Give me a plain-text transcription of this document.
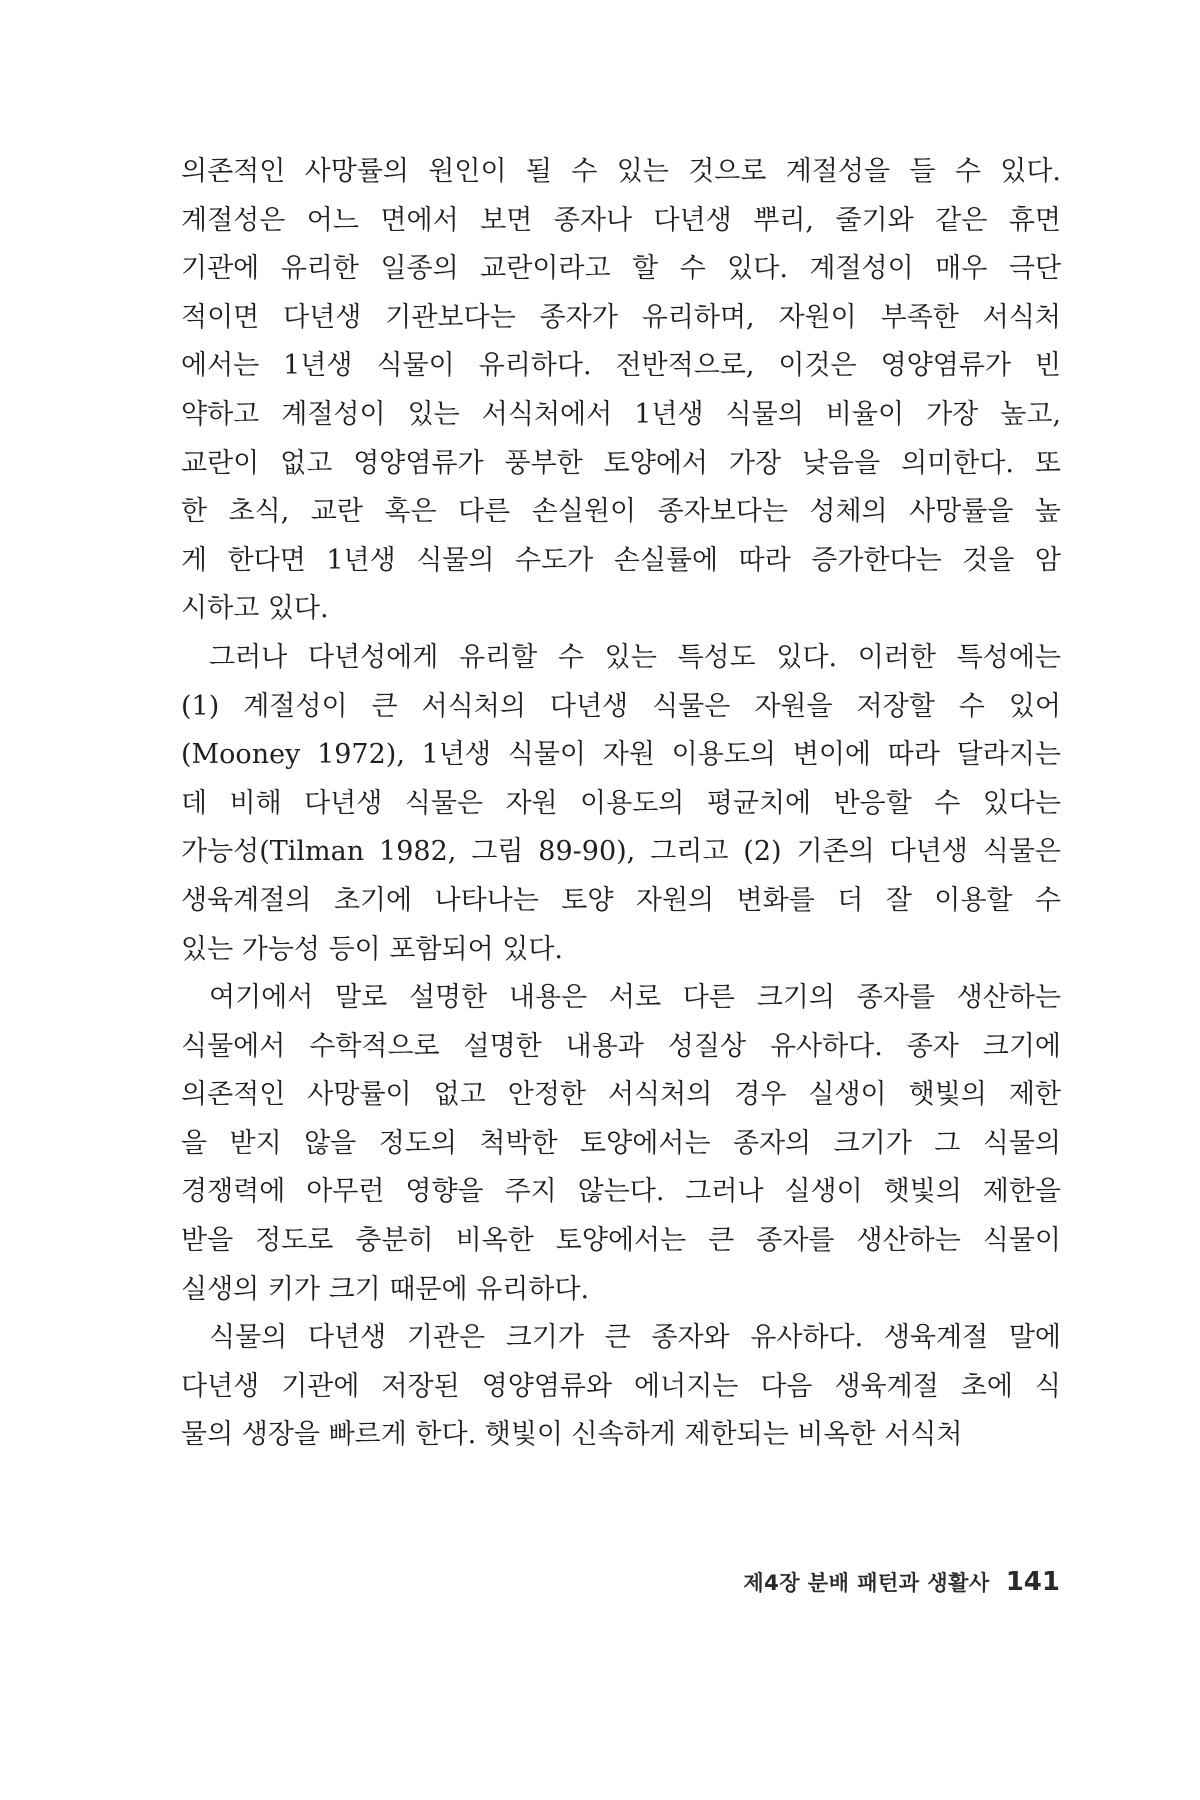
의존적인 사망률의 원인이 될 수 있는 것으로 계절성을 들 수 있다.
계절성은 어느 면에서 보면 종자나 다년생 뿌리, 줄기와 같은 휴면
기관에 유리한 일종의 교란이라고 할 수 있다. 계절성이 매우 극단
적이면 다년생 기관보다는 종자가 유리하며, 자원이 부족한 서식처
에서는 1년생 식물이 유리하다. 전반적으로, 이것은 영양염류가 빈
약하고 계절성이 있는 서식처에서 1년생 식물의 비율이 가장 높고,
교란이 없고 영양염류가 풍부한 토양에서 가장 낮음을 의미한다. 또
한 초식, 교란 혹은 다른 손실원이 종자보다는 성체의 사망률을 높
게 한다면 1년생 식물의 수도가 손실률에 따라 증가한다는 것을 암
시하고 있다.
그러나 다년성에게 유리할 수 있는 특성도 있다. 이러한 특성에는
(1) 계절성이 큰 서식처의 다년생 식물은 자원을 저장할 수 있어
(Mooney 1972), 1년생 식물이 자원 이용도의 변이에 따라 달라지는
데 비해 다년생 식물은 자원 이용도의 평균치에 반응할 수 있다는
가능성(Tilman 1982, 그림 89-90), 그리고 (2) 기존의 다년생 식물은
생육계절의 초기에 나타나는 토양 자원의 변화를 더 잘 이용할 수
있는 가능성 등이 포함되어 있다.
여기에서 말로 설명한 내용은 서로 다른 크기의 종자를 생산하는
식물에서 수학적으로 설명한 내용과 성질상 유사하다. 종자 크기에
의존적인 사망률이 없고 안정한 서식처의 경우 실생이 햇빛의 제한
을 받지 않을 정도의 척박한 토양에서는 종자의 크기가 그 식물의
경쟁력에 아무런 영향을 주지 않는다. 그러나 실생이 햇빛의 제한을
받을 정도로 충분히 비옥한 토양에서는 큰 종자를 생산하는 식물이
실생의 키가 크기 때문에 유리하다.
식물의 다년생 기관은 크기가 큰 종자와 유사하다. 생육계절 말에
다년생 기관에 저장된 영양염류와 에너지는 다음 생육계절 초에 식
물의 생장을 빠르게 한다. 햇빛이 신속하게 제한되는 비옥한 서식처
제4장 분배 패턴과 생활사 141
